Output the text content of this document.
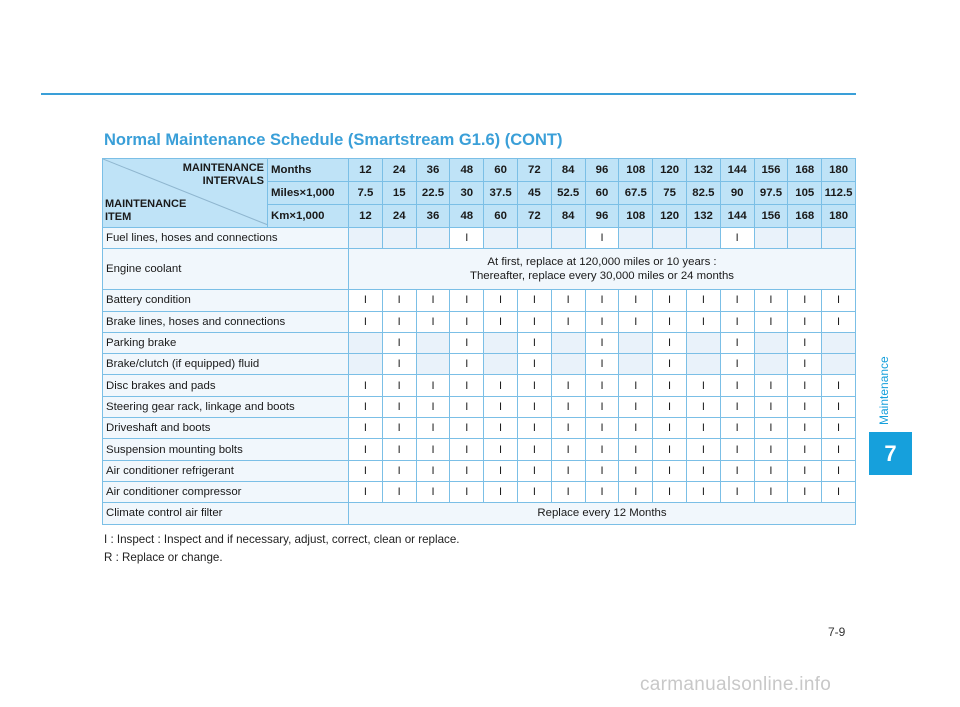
Normal Maintenance Schedule (Smartstream G1.6) (CONT)
MAINTENANCE
INTERVALS
MAINTENANCE
ITEM	Months	12	24	36	48	60	72	84	96	108	120	132	144	156	168	180
	Miles×1,000	7.5	15	22.5	30	37.5	45	52.5	60	67.5	75	82.5	90	97.5	105	112.5
	Km×1,000	12	24	36	48	60	72	84	96	108	120	132	144	156	168	180
Fuel lines, hoses and connections					I				I				I			
Engine coolant		At first, replace at 120,000 miles or 10 years :
Thereafter, replace every 30,000 miles or 24 months														

Battery condition		I	I	I	I	I	I	I	I	I	I	I	I	I	I	I
Brake lines, hoses and connections		I	I	I	I	I	I	I	I	I	I	I	I	I	I	I
Parking brake			I		I		I		I		I		I		I	
Brake/clutch (if equipped) fluid			I		I		I		I		I		I		I	
Disc brakes and pads		I	I	I	I	I	I	I	I	I	I	I	I	I	I	I
Steering gear rack, linkage and boots		I	I	I	I	I	I	I	I	I	I	I	I	I	I	I
Driveshaft and boots		I	I	I	I	I	I	I	I	I	I	I	I	I	I	I
Suspension mounting bolts		I	I	I	I	I	I	I	I	I	I	I	I	I	I	I
Air conditioner refrigerant		I	I	I	I	I	I	I	I	I	I	I	I	I	I	I
Air conditioner compressor		I	I	I	I	I	I	I	I	I	I	I	I	I	I	I
Climate control air filter		Replace every 12 Months														
I : Inspect : Inspect and if necessary, adjust, correct, clean or replace.
R : Replace or change.
Maintenance
7
7-9
carmanualsonline.info
